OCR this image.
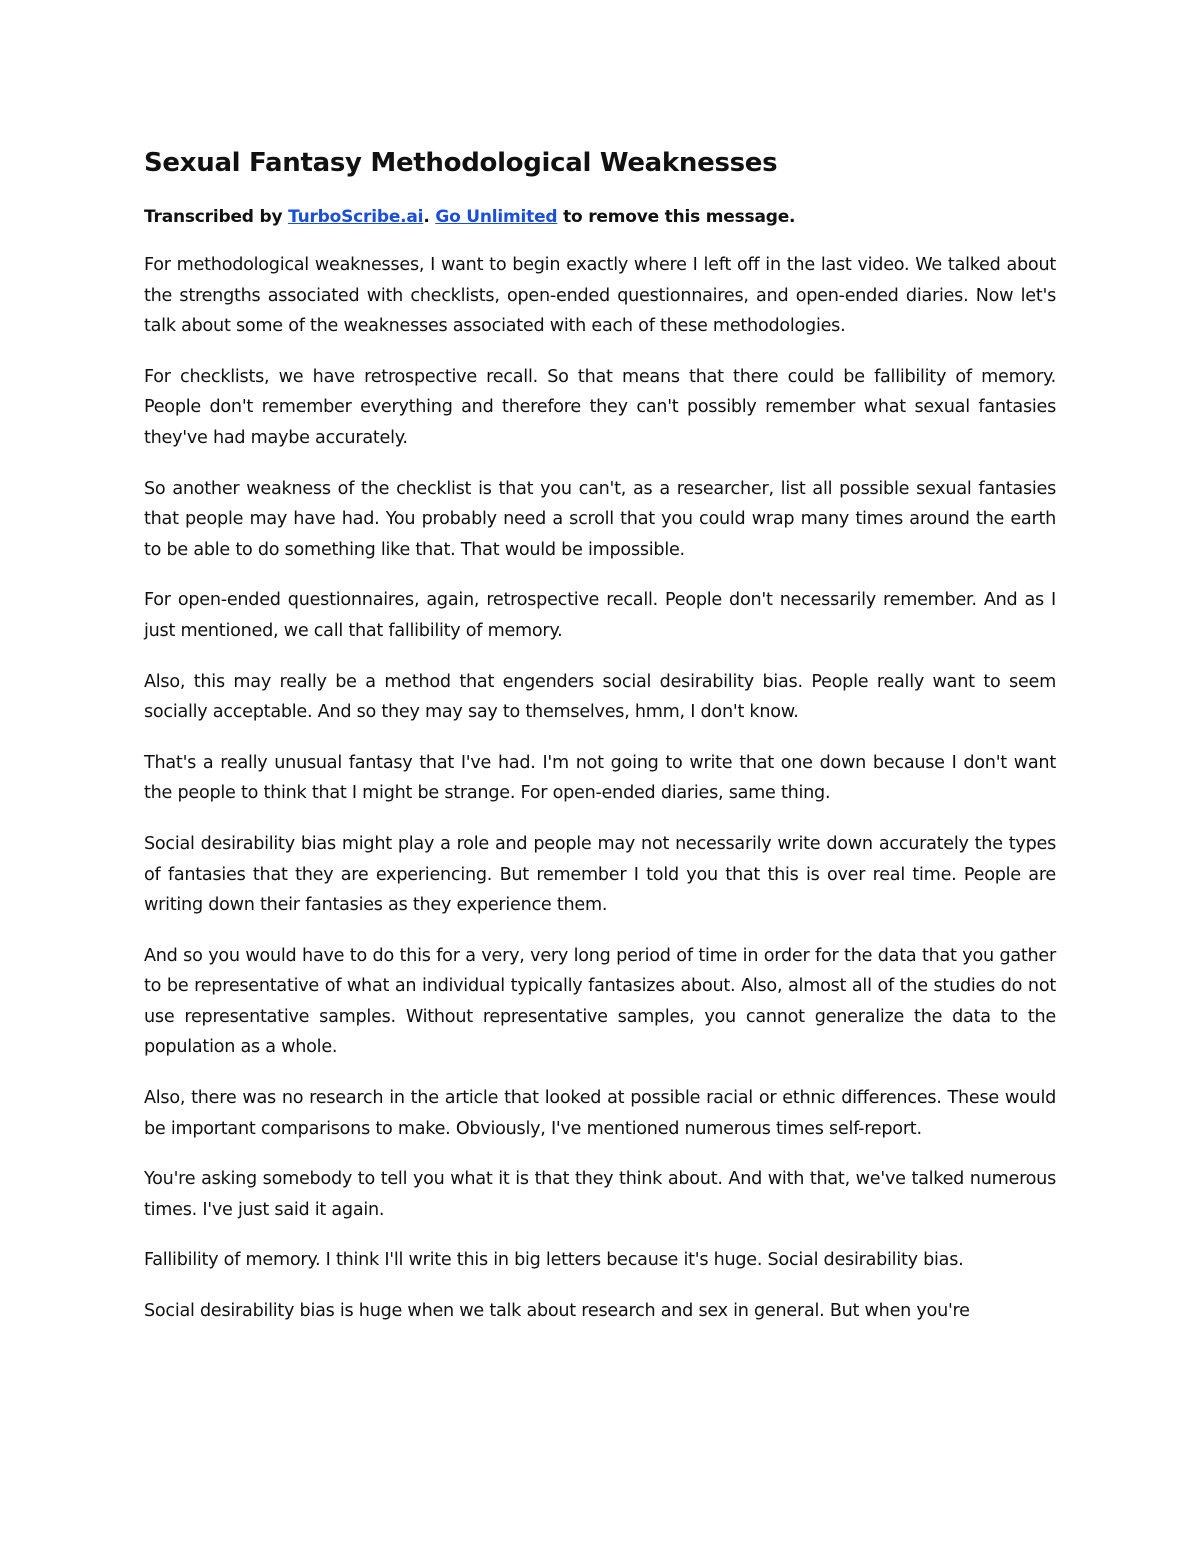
Sexual Fantasy Methodological Weaknesses

Transcribed by TurboScribe.ai. Go Unlimited to remove this message.

For methodological weaknesses, I want to begin exactly where I left off in the last video. We talked about the strengths associated with checklists, open-ended questionnaires, and open-ended diaries. Now let's talk about some of the weaknesses associated with each of these methodologies.

For checklists, we have retrospective recall. So that means that there could be fallibility of memory. People don't remember everything and therefore they can't possibly remember what sexual fantasies they've had maybe accurately.

So another weakness of the checklist is that you can't, as a researcher, list all possible sexual fantasies that people may have had. You probably need a scroll that you could wrap many times around the earth to be able to do something like that. That would be impossible.

For open-ended questionnaires, again, retrospective recall. People don't necessarily remember. And as I just mentioned, we call that fallibility of memory.

Also, this may really be a method that engenders social desirability bias. People really want to seem socially acceptable. And so they may say to themselves, hmm, I don't know.

That's a really unusual fantasy that I've had. I'm not going to write that one down because I don't want the people to think that I might be strange. For open-ended diaries, same thing.

Social desirability bias might play a role and people may not necessarily write down accurately the types of fantasies that they are experiencing. But remember I told you that this is over real time. People are writing down their fantasies as they experience them.

And so you would have to do this for a very, very long period of time in order for the data that you gather to be representative of what an individual typically fantasizes about. Also, almost all of the studies do not use representative samples. Without representative samples, you cannot generalize the data to the population as a whole.

Also, there was no research in the article that looked at possible racial or ethnic differences. These would be important comparisons to make. Obviously, I've mentioned numerous times self-report.

You're asking somebody to tell you what it is that they think about. And with that, we've talked numerous times. I've just said it again.

Fallibility of memory. I think I'll write this in big letters because it's huge. Social desirability bias.

Social desirability bias is huge when we talk about research and sex in general. But when you're
